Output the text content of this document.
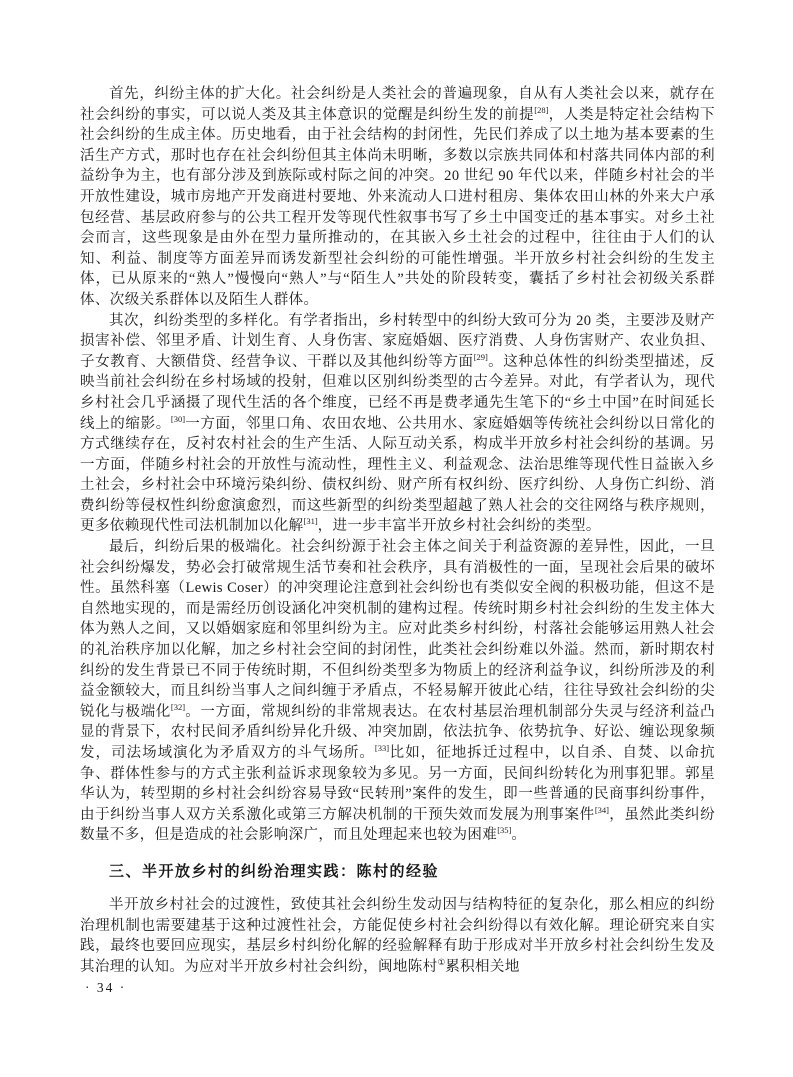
首先，纠纷主体的扩大化。社会纠纷是人类社会的普遍现象，自从有人类社会以来，就存在社会纠纷的事实，可以说人类及其主体意识的觉醒是纠纷生发的前提[28]，人类是特定社会结构下社会纠纷的生成主体。历史地看，由于社会结构的封闭性，先民们养成了以土地为基本要素的生活生产方式，那时也存在社会纠纷但其主体尚未明晰，多数以宗族共同体和村落共同体内部的利益纷争为主，也有部分涉及到族际或村际之间的冲突。20 世纪 90 年代以来，伴随乡村社会的半开放性建设，城市房地产开发商进村要地、外来流动人口进村租房、集体农田山林的外来大户承包经营、基层政府参与的公共工程开发等现代性叙事书写了乡土中国变迁的基本事实。对乡土社会而言，这些现象是由外在型力量所推动的，在其嵌入乡土社会的过程中，往往由于人们的认知、利益、制度等方面差异而诱发新型社会纠纷的可能性增强。半开放乡村社会纠纷的生发主体，已从原来的“熟人”慢慢向“熟人”与“陌生人”共处的阶段转变，囊括了乡村社会初级关系群体、次级关系群体以及陌生人群体。

其次，纠纷类型的多样化。有学者指出，乡村转型中的纠纷大致可分为 20 类，主要涉及财产损害补偿、邻里矛盾、计划生育、人身伤害、家庭婚姻、医疗消费、人身伤害财产、农业负担、子女教育、大额借贷、经营争议、干群以及其他纠纷等方面[29]。这种总体性的纠纷类型描述，反映当前社会纠纷在乡村场域的投射，但难以区别纠纷类型的古今差异。对此，有学者认为，现代乡村社会几乎涵摄了现代生活的各个维度，已经不再是费孝通先生笔下的“乡土中国”在时间延长线上的缩影。[30]一方面，邻里口角、农田农地、公共用水、家庭婚姻等传统社会纠纷以日常化的方式继续存在，反衬农村社会的生产生活、人际互动关系，构成半开放乡村社会纠纷的基调。另一方面，伴随乡村社会的开放性与流动性，理性主义、利益观念、法治思维等现代性日益嵌入乡土社会，乡村社会中环境污染纠纷、债权纠纷、财产所有权纠纷、医疗纠纷、人身伤亡纠纷、消费纠纷等侵权性纠纷愈演愈烈，而这些新型的纠纷类型超越了熟人社会的交往网络与秩序规则，更多依赖现代性司法机制加以化解[31]，进一步丰富半开放乡村社会纠纷的类型。

最后，纠纷后果的极端化。社会纠纷源于社会主体之间关于利益资源的差异性，因此，一旦社会纠纷爆发，势必会打破常规生活节奏和社会秩序，具有消极性的一面，呈现社会后果的破坏性。虽然科塞（Lewis Coser）的冲突理论注意到社会纠纷也有类似安全阀的积极功能，但这不是自然地实现的，而是需经历创设涵化冲突机制的建构过程。传统时期乡村社会纠纷的生发主体大体为熟人之间，又以婚姻家庭和邻里纠纷为主。应对此类乡村纠纷，村落社会能够运用熟人社会的礼治秩序加以化解，加之乡村社会空间的封闭性，此类社会纠纷难以外溢。然而，新时期农村纠纷的发生背景已不同于传统时期，不但纠纷类型多为物质上的经济利益争议，纠纷所涉及的利益金额较大，而且纠纷当事人之间纠缠于矛盾点，不轻易解开彼此心结，往往导致社会纠纷的尖锐化与极端化[32]。一方面，常规纠纷的非常规表达。在农村基层治理机制部分失灵与经济利益凸显的背景下，农村民间矛盾纠纷异化升级、冲突加剧，依法抗争、依势抗争、好讼、缠讼现象频发，司法场域演化为矛盾双方的斗气场所。[33]比如，征地拆迁过程中，以自杀、自焚、以命抗争、群体性参与的方式主张利益诉求现象较为多见。另一方面，民间纠纷转化为刑事犯罪。郭星华认为，转型期的乡村社会纠纷容易导致“民转刑”案件的发生，即一些普通的民商事纠纷事件，由于纠纷当事人双方关系激化或第三方解决机制的干预失效而发展为刑事案件[34]，虽然此类纠纷数量不多，但是造成的社会影响深广，而且处理起来也较为困难[35]。

三、半开放乡村的纠纷治理实践：陈村的经验

半开放乡村社会的过渡性，致使其社会纠纷生发动因与结构特征的复杂化，那么相应的纠纷治理机制也需要建基于这种过渡性社会，方能促使乡村社会纠纷得以有效化解。理论研究来自实践，最终也要回应现实，基层乡村纠纷化解的经验解释有助于形成对半开放乡村社会纠纷生发及其治理的认知。为应对半开放乡村社会纠纷，闽地陈村①累积相关地

· 34 ·
